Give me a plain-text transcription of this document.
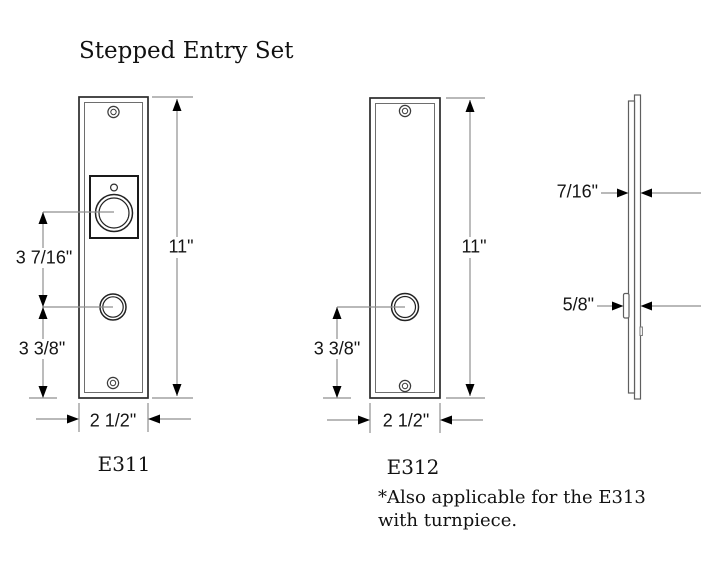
Stepped Entry Set
11"
3 7/16"
3 3/8"
2 1/2"
E311
11"
3 3/8"
2 1/2"
E312
7/16"
5/8"
*Also applicable for the E313
with turnpiece.
